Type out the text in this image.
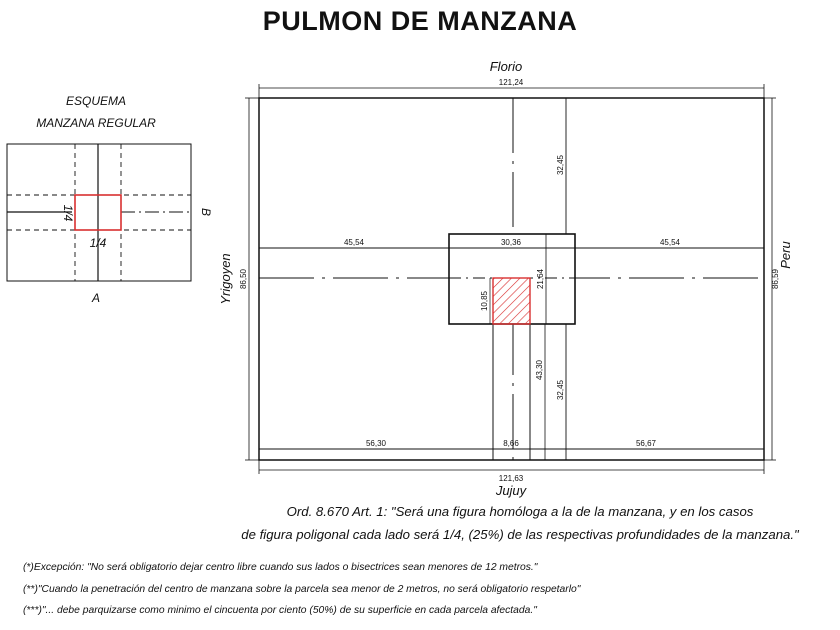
PULMON DE MANZANA
ESQUEMA
MANZANA REGULAR
1/4
1/4
A
B
Florio
Jujuy
Yrigoyen	Peru
121,24
121,63
86,50	86,59
45,54	30,36	45,54
32,45
32,45
21,64
10,85
43,30
56,30	8,66	56,67
Ord. 8.670 Art. 1: "Será una figura homóloga a la de la manzana, y en los casos
de figura poligonal cada lado será 1/4, (25%) de las respectivas profundidades de la manzana."
(*)Excepción: "No será obligatorio dejar centro libre cuando sus lados o bisectrices sean menores de 12 metros."
(**)"Cuando la penetración del centro de manzana sobre la parcela sea menor de 2 metros, no será obligatorio respetarlo"
(***)"... debe parquizarse como minimo el cincuenta por ciento (50%) de su superficie en cada parcela afectada."
